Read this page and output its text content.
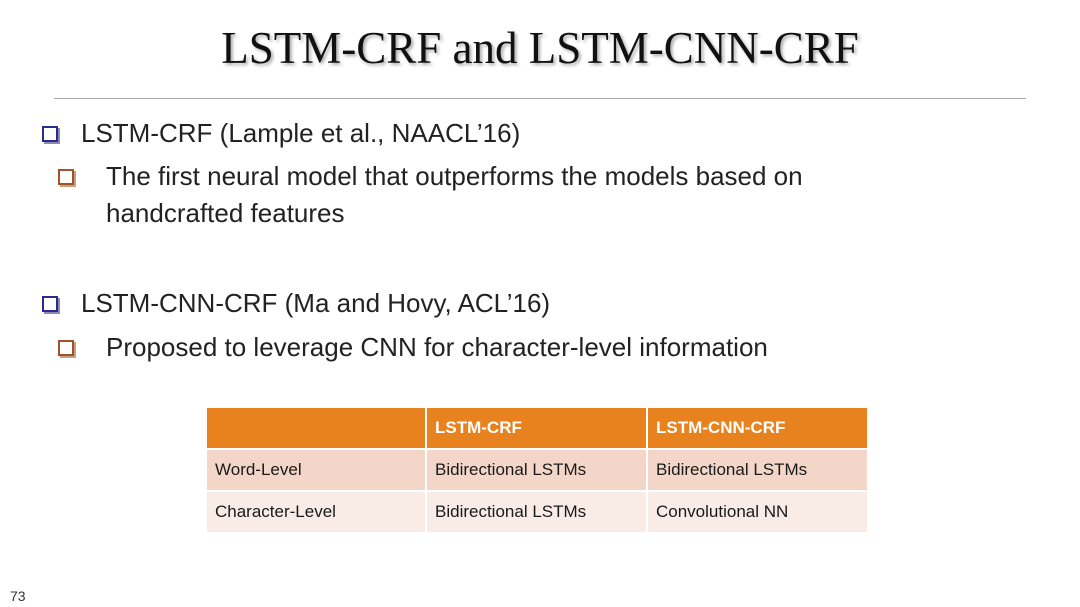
LSTM-CRF and LSTM-CNN-CRF
LSTM-CRF (Lample et al., NAACL’16)
The first neural model that outperforms the models based on
handcrafted features
LSTM-CNN-CRF (Ma and Hovy, ACL’16)
Proposed to leverage CNN for character-level information
	LSTM-CRF	LSTM-CNN-CRF
Word-Level	Bidirectional LSTMs	Bidirectional LSTMs
Character-Level	Bidirectional LSTMs	Convolutional NN
73
